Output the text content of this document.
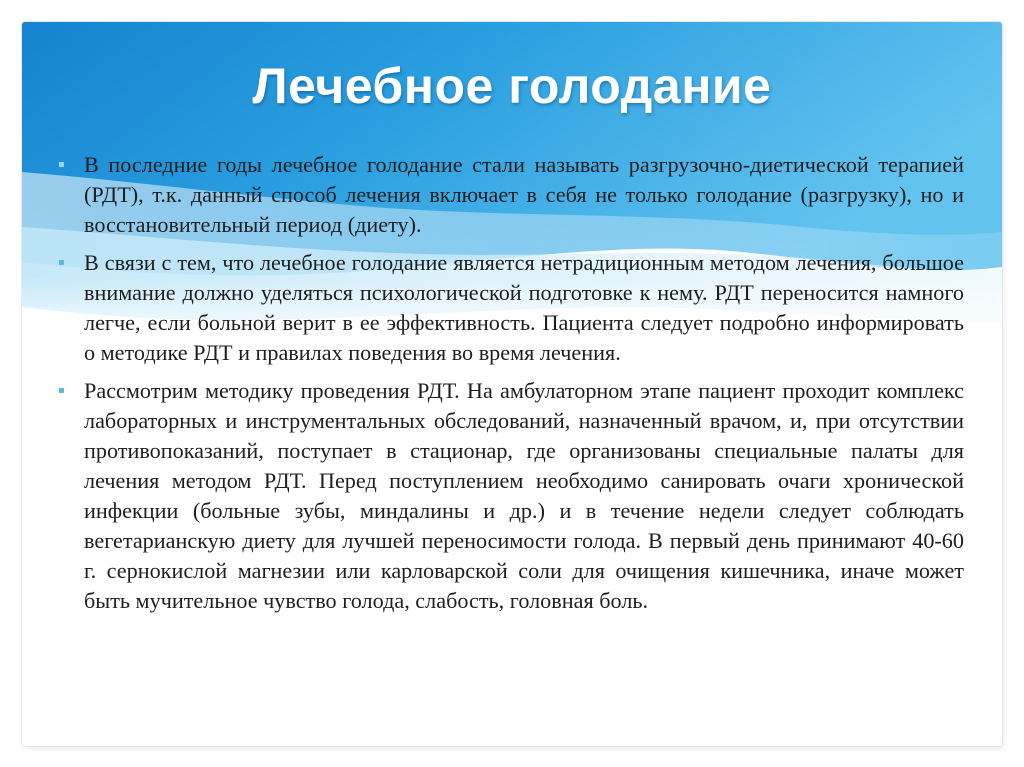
Лечебное голодание
▪ В последние годы лечебное голодание стали называть разгрузочно-диетической терапией (РДТ), т.к. данный способ лечения включает в себя не только голодание (разгрузку), но и восстановительный период (диету).
▪ В связи с тем, что лечебное голодание является нетрадиционным методом лечения, большое внимание должно уделяться психологической подготовке к нему. РДТ переносится намного легче, если больной верит в ее эффективность. Пациента следует подробно информировать о методике РДТ и правилах поведения во время лечения.
▪ Рассмотрим методику проведения РДТ. На амбулаторном этапе пациент проходит комплекс лабораторных и инструментальных обследований, назначенный врачом, и, при отсутствии противопоказаний, поступает в стационар, где организованы специальные палаты для лечения методом РДТ. Перед поступлением необходимо санировать очаги хронической инфекции (больные зубы, миндалины и др.) и в течение недели следует соблюдать вегетарианскую диету для лучшей переносимости голода. В первый день принимают 40-60 г. сернокислой магнезии или карловарской соли для очищения кишечника, иначе может быть мучительное чувство голода, слабость, головная боль.
